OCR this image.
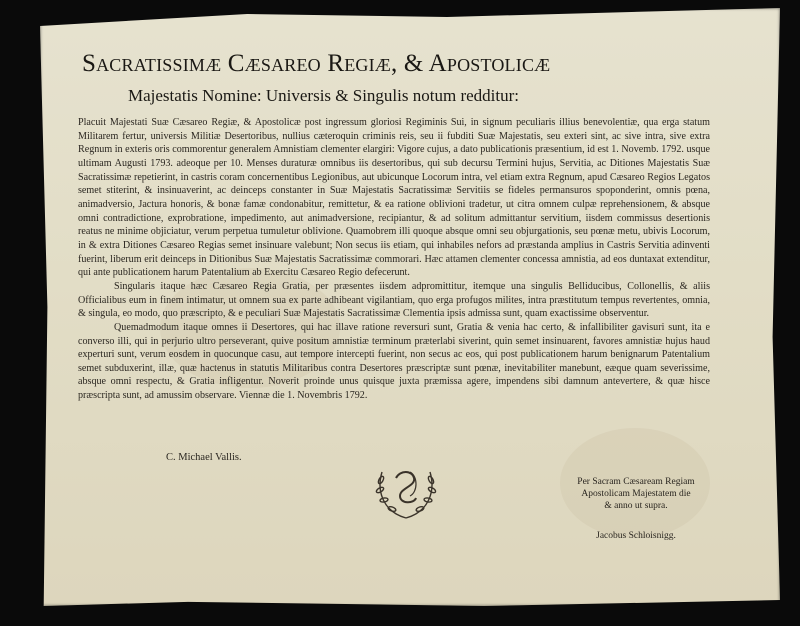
Sacratissimæ Cæsareo Regiæ, & Apostolicæ
Majestatis Nomine: Universis & Singulis notum redditur:

Placuit Majestati Suæ Cæsareo Regiæ, & Apostolicæ post ingressum gloriosi Regiminis Sui, in signum peculiaris illius benevolentiæ, qua erga statum Militarem fertur, universis Militiæ Desertoribus, nullius cæteroquin criminis reis, seu ii fubditi Suæ Majestatis, seu exteri sint, ac sive intra, sive extra Regnum in exteris oris commorentur generalem Amnistiam clementer elargiri: Vigore cujus, a dato publicationis præsentium, id est 1. Novemb. 1792. usque ultimam Augusti 1793. adeoque per 10. Menses duraturæ omnibus iis desertoribus, qui sub decursu Termini hujus, Servitia, ac Ditiones Majestatis Suæ Sacratissimæ repetierint, in castris coram concernentibus Legionibus, aut ubicunque Locorum intra, vel etiam extra Regnum, apud Cæsareo Regios Legatos semet stiterint, & insinuaverint, ac deinceps constanter in Suæ Majestatis Sacratissimæ Servitiis se fideles permansuros spoponderint, omnis pœna, animadversio, Jactura honoris, & bonæ famæ condonabitur, remittetur, & ea ratione oblivioni tradetur, ut citra omnem culpæ reprehensionem, & absque omni contradictione, exprobratione, impedimento, aut animadversione, recipiantur, & ad solitum admittantur servitium, iisdem commissus desertionis reatus ne minime objiciatur, verum perpetua tumuletur oblivione. Quamobrem illi quoque absque omni seu objurgationis, seu pœnæ metu, ubivis Locorum, in & extra Ditiones Cæsareo Regias semet insinuare valebunt; Non secus iis etiam, qui inhabiles nefors ad præstanda amplius in Castris Servitia adinventi fuerint, liberum erit deinceps in Ditionibus Suæ Majestatis Sacratissimæ commorari. Hæc attamen clementer concessa amnistia, ad eos duntaxat extenditur, qui ante publicationem harum Patentalium ab Exercitu Cæsareo Regio defecerunt.

Singularis itaque hæc Cæsareo Regia Gratia, per præsentes iisdem adpromittitur, itemque una singulis Belliducibus, Collonellis, & aliis Officialibus eum in finem intimatur, ut omnem sua ex parte adhibeant vigilantiam, quo erga profugos milites, intra præstitutum tempus revertentes, omnia, & singula, eo modo, quo præscripto, & e peculiari Suæ Majestatis Sacratissimæ Clementia ipsis admissa sunt, quam exactissime observentur.

Quemadmodum itaque omnes ii Desertores, qui hac illave ratione reversuri sunt, Gratia & venia hac certo, & infallibiliter gavisuri sunt, ita e converso illi, qui in perjurio ultro perseverant, quive positum amnistiæ terminum præterlabi siverint, quin semet insinuarent, favores amnistiæ hujus haud experturi sunt, verum eosdem in quocunque casu, aut tempore intercepti fuerint, non secus ac eos, qui post publicationem harum benignarum Patentalium semet subduxerint, illæ, quæ hactenus in statutis Militaribus contra Desertores præscriptæ sunt pœnæ, inevitabiliter manebunt, eæque quam severissime, absque omni respectu, & Gratia infligentur. Noverit proinde unus quisque juxta præmissa agere, impendens sibi damnum antevertere, & quæ hisce præscripta sunt, ad amussim observare. Viennæ die 1. Novembris 1792.

C. Michael Vallis.
Per Sacram Cæsaream Regiam
Apostolicam Majestatem die
& anno ut supra.
Jacobus Schloisnigg.
